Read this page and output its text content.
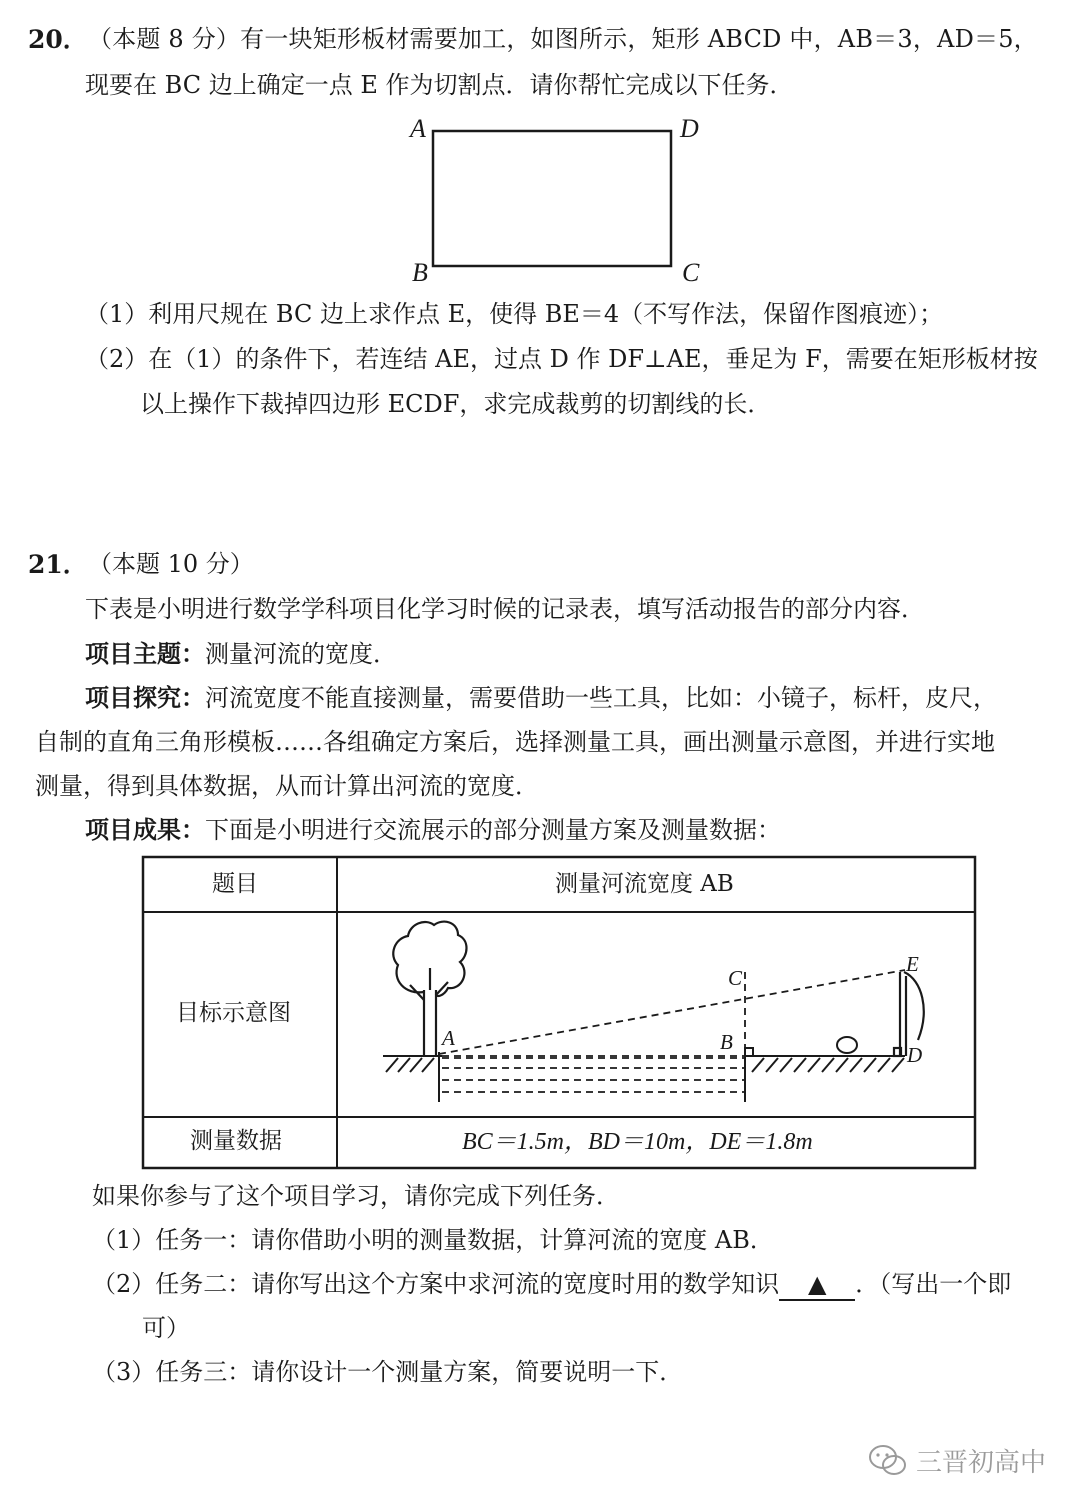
20． （本题 8 分）有一块矩形板材需要加工，如图所示，矩形 ABCD 中，AB＝3，AD＝5，
现要在 BC 边上确定一点 E 作为切割点．请你帮忙完成以下任务．
A	D
B	C
（1）利用尺规在 BC 边上求作点 E，使得 BE＝4（不写作法，保留作图痕迹）；
（2）在（1）的条件下，若连结 AE，过点 D 作 DF⊥AE，垂足为 F，需要在矩形板材按
以上操作下裁掉四边形 ECDF，求完成裁剪的切割线的长．
21． （本题 10 分）
下表是小明进行数学学科项目化学习时候的记录表，填写活动报告的部分内容．
项目主题：测量河流的宽度．
项目探究：河流宽度不能直接测量，需要借助一些工具，比如：小镜子，标杆，皮尺，
自制的直角三角形模板……各组确定方案后，选择测量工具，画出测量示意图，并进行实地
测量，得到具体数据，从而计算出河流的宽度．
项目成果：下面是小明进行交流展示的部分测量方案及测量数据：
题目	测量河流宽度 AB
目标示意图
测量数据	BC＝1.5m，BD＝10m，DE＝1.8m
A	B
C
D
E
如果你参与了这个项目学习，请你完成下列任务．
（1）任务一：请你借助小明的测量数据，计算河流的宽度 AB．
（2）任务二：请你写出这个方案中求河流的宽度时用的数学知识 ▲ ．（写出一个即
可）
（3）任务三：请你设计一个测量方案，简要说明一下．
三晋初高中
